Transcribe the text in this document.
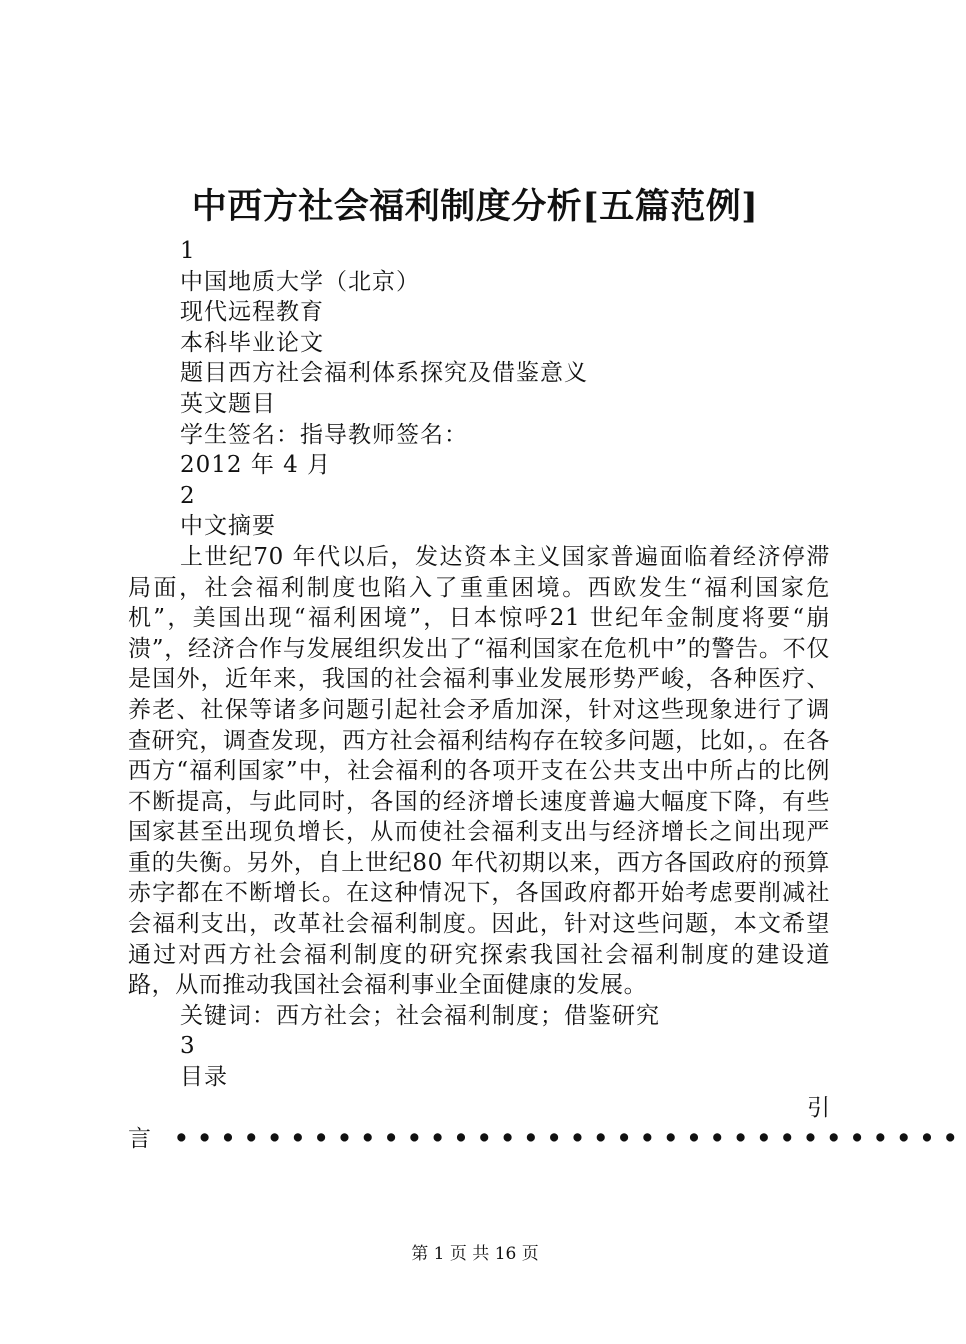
中西方社会福利制度分析[五篇范例]
1
中国地质大学（北京）
现代远程教育
本科毕业论文
题目西方社会福利体系探究及借鉴意义
英文题目
学生签名：指导教师签名：
2012 年 4 月
2
中文摘要

上世纪70 年代以后，发达资本主义国家普遍面临着经济停滞局面，社会福利制度也陷入了重重困境。西欧发生“福利国家危机”，美国出现“福利困境”，日本惊呼21 世纪年金制度将要“崩溃”，经济合作与发展组织发出了“福利国家在危机中”的警告。不仅是国外，近年来，我国的社会福利事业发展形势严峻，各种医疗、养老、社保等诸多问题引起社会矛盾加深，针对这些现象进行了调查研究，调查发现，西方社会福利结构存在较多问题，比如，。在各西方“福利国家”中，社会福利的各项开支在公共支出中所占的比例不断提高，与此同时，各国的经济增长速度普遍大幅度下降，有些国家甚至出现负增长，从而使社会福利支出与经济增长之间出现严重的失衡。另外，自上世纪80 年代初期以来，西方各国政府的预算赤字都在不断增长。在这种情况下，各国政府都开始考虑要削减社会福利支出，改革社会福利制度。因此，针对这些问题，本文希望通过对西方社会福利制度的研究探索我国社会福利制度的建设道路，从而推动我国社会福利事业全面健康的发展。

关键词：西方社会；社会福利制度；借鉴研究
3
目录
引
言 ••••••••••••••••••••••••••••••••••
第 1 页 共 16 页
